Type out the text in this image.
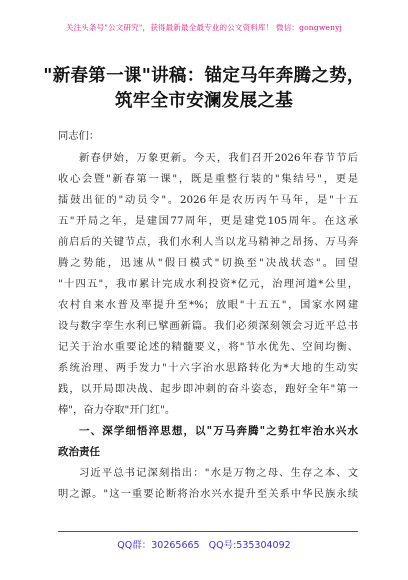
关注头条号"公文研究"，获得最新最全最专业的公文资料库！ 微信：gongwenyj
"新春第一课"讲稿：锚定马年奔腾之势，
筑牢全市安澜发展之基
同志们：
新春伊始，万象更新。今天，我们召开2026年春节节后
收心会暨"新春第一课"，既是重整行装的"集结号"，更是
擂鼓出征的"动员令"。2026年是农历丙午马年，是"十五
五"开局之年，是建国77周年，更是建党105周年。在这承
前启后的关键节点，我们水利人当以龙马精神之昂扬、万马奔
腾之势能，迅速从"假日模式"切换至"决战状态"。回望
"十四五"，我市累计完成水利投资*亿元，治理河道*公里，
农村自来水普及率提升至*%；放眼"十五五"，国家水网建
设与数字孪生水利已擘画新篇。我们必须深刻领会习近平总书
记关于治水重要论述的精髓要义，将"节水优先、空间均衡、
系统治理、两手发力"十六字治水思路转化为*大地的生动实
践，以开局即决战、起步即冲刺的奋斗姿态，跑好全年"第一
棒"，奋力夺取"开门红"。
一、深学细悟淬思想，以"万马奔腾"之势扛牢治水兴水
政治责任
习近平总书记深刻指出："水是万物之母、生存之本、文
明之源。"这一重要论断将治水兴水提升至关系中华民族永续
QQ群：30265665 QQ号:535304092
